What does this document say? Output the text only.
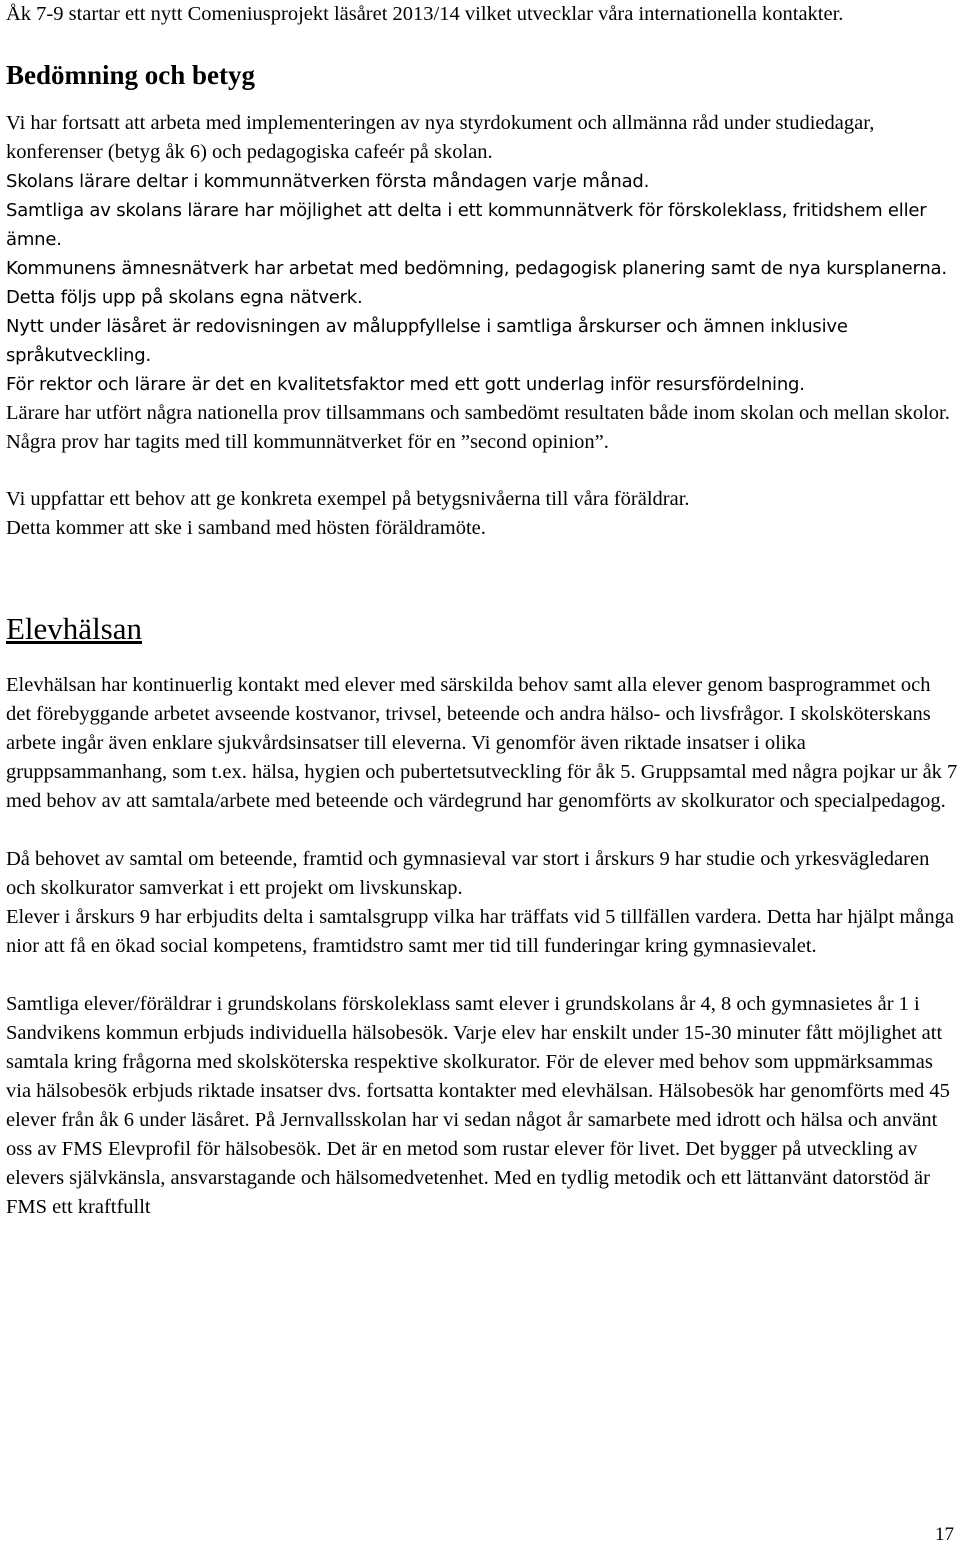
Åk 7-9 startar ett nytt Comeniusprojekt läsåret 2013/14 vilket utvecklar våra internationella kontakter.

Bedömning och betyg

Vi har fortsatt att arbeta med implementeringen av nya styrdokument och allmänna råd under studiedagar, konferenser (betyg åk 6) och pedagogiska cafeér på skolan.

Skolans lärare deltar i kommunnätverken första måndagen varje månad.

Samtliga av skolans lärare har möjlighet att delta i ett kommunnätverk för förskoleklass, fritidshem eller ämne.

Kommunens ämnesnätverk har arbetat med bedömning, pedagogisk planering samt de nya kursplanerna.

Detta följs upp på skolans egna nätverk.

Nytt under läsåret är redovisningen av måluppfyllelse i samtliga årskurser och ämnen inklusive språkutveckling.

För rektor och lärare är det en kvalitetsfaktor med ett gott underlag inför resursfördelning.

Lärare har utfört några nationella prov tillsammans och sambedömt resultaten både inom skolan och mellan skolor.

Några prov har tagits med till kommunnätverket för en ”second opinion”.

Vi uppfattar ett behov att ge konkreta exempel på betygsnivåerna till våra föräldrar.

Detta kommer att ske i samband med hösten föräldramöte.

Elevhälsan

Elevhälsan har kontinuerlig kontakt med elever med särskilda behov samt alla elever genom basprogrammet och det förebyggande arbetet avseende kostvanor, trivsel, beteende och andra hälso- och livsfrågor. I skolsköterskans arbete ingår även enklare sjukvårdsinsatser till eleverna. Vi genomför även riktade insatser i olika gruppsammanhang, som t.ex. hälsa, hygien och pubertetsutveckling för åk 5. Gruppsamtal med några pojkar ur åk 7 med behov av att samtala/arbete med beteende och värdegrund har genomförts av skolkurator och specialpedagog.

Då behovet av samtal om beteende, framtid och gymnasieval var stort i årskurs 9 har studie och yrkesvägledaren och skolkurator samverkat i ett projekt om livskunskap.

Elever i årskurs 9 har erbjudits delta i samtalsgrupp vilka har träffats vid 5 tillfällen vardera. Detta har hjälpt många nior att få en ökad social kompetens, framtidstro samt mer tid till funderingar kring gymnasievalet.

Samtliga elever/föräldrar i grundskolans förskoleklass samt elever i grundskolans år 4, 8 och gymnasietes år 1 i Sandvikens kommun erbjuds individuella hälsobesök. Varje elev har enskilt under 15-30 minuter fått möjlighet att samtala kring frågorna med skolsköterska respektive skolkurator. För de elever med behov som uppmärksammas via hälsobesök erbjuds riktade insatser dvs. fortsatta kontakter med elevhälsan. Hälsobesök har genomförts med 45 elever från åk 6 under läsåret. På Jernvallsskolan har vi sedan något år samarbete med idrott och hälsa och använt oss av FMS Elevprofil för hälsobesök. Det är en metod som rustar elever för livet. Det bygger på utveckling av elevers självkänsla, ansvarstagande och hälsomedvetenhet. Med en tydlig metodik och ett lättanvänt datorstöd är FMS ett kraftfullt

17
